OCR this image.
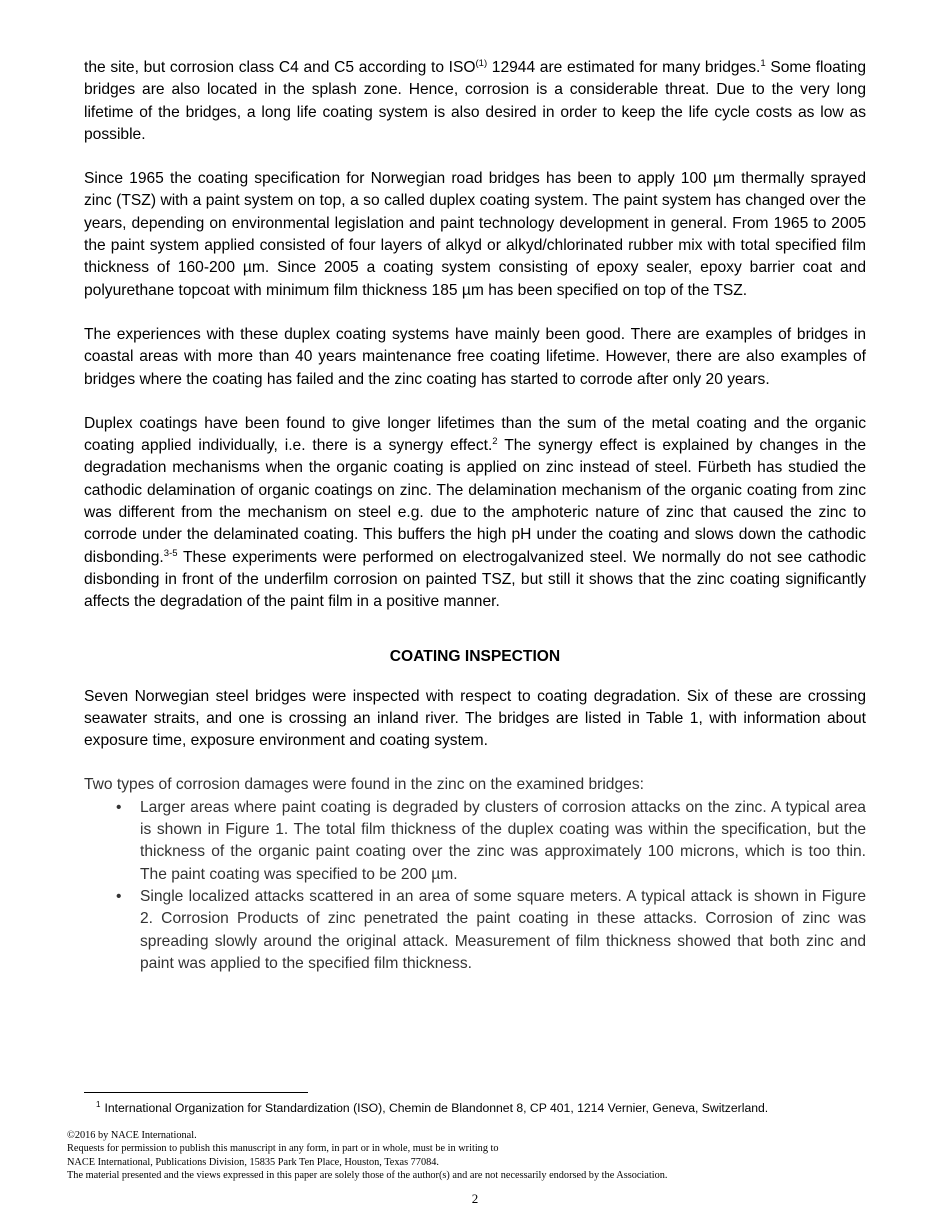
the site, but corrosion class C4 and C5 according to ISO$^{(1)}$ 12944 are estimated for many bridges.$^1$ Some floating bridges are also located in the splash zone. Hence, corrosion is a considerable threat. Due to the very long lifetime of the bridges, a long life coating system is also desired in order to keep the life cycle costs as low as possible.

Since 1965 the coating specification for Norwegian road bridges has been to apply 100 µm thermally sprayed zinc (TSZ) with a paint system on top, a so called duplex coating system. The paint system has changed over the years, depending on environmental legislation and paint technology development in general. From 1965 to 2005 the paint system applied consisted of four layers of alkyd or alkyd/chlorinated rubber mix with total specified film thickness of 160-200 µm. Since 2005 a coating system consisting of epoxy sealer, epoxy barrier coat and polyurethane topcoat with minimum film thickness 185 µm has been specified on top of the TSZ.

The experiences with these duplex coating systems have mainly been good. There are examples of bridges in coastal areas with more than 40 years maintenance free coating lifetime. However, there are also examples of bridges where the coating has failed and the zinc coating has started to corrode after only 20 years.

Duplex coatings have been found to give longer lifetimes than the sum of the metal coating and the organic coating applied individually, i.e. there is a synergy effect.$^2$ The synergy effect is explained by changes in the degradation mechanisms when the organic coating is applied on zinc instead of steel. Fürbeth has studied the cathodic delamination of organic coatings on zinc. The delamination mechanism of the organic coating from zinc was different from the mechanism on steel e.g. due to the amphoteric nature of zinc that caused the zinc to corrode under the delaminated coating. This buffers the high pH under the coating and slows down the cathodic disbonding.$^{3-5}$ These experiments were performed on electrogalvanized steel. We normally do not see cathodic disbonding in front of the underfilm corrosion on painted TSZ, but still it shows that the zinc coating significantly affects the degradation of the paint film in a positive manner.

COATING INSPECTION

Seven Norwegian steel bridges were inspected with respect to coating degradation. Six of these are crossing seawater straits, and one is crossing an inland river. The bridges are listed in Table 1, with information about exposure time, exposure environment and coating system.

Two types of corrosion damages were found in the zinc on the examined bridges:

• Larger areas where paint coating is degraded by clusters of corrosion attacks on the zinc. A typical area is shown in Figure 1. The total film thickness of the duplex coating was within the specification, but the thickness of the organic paint coating over the zinc was approximately 100 microns, which is too thin. The paint coating was specified to be 200 µm.
• Single localized attacks scattered in an area of some square meters. A typical attack is shown in Figure 2. Corrosion Products of zinc penetrated the paint coating in these attacks. Corrosion of zinc was spreading slowly around the original attack. Measurement of film thickness showed that both zinc and paint was applied to the specified film thickness.
$^1$ International Organization for Standardization (ISO), Chemin de Blandonnet 8, CP 401, 1214 Vernier, Geneva, Switzerland.
©2016 by NACE International.
Requests for permission to publish this manuscript in any form, in part or in whole, must be in writing to
NACE International, Publications Division, 15835 Park Ten Place, Houston, Texas 77084.
The material presented and the views expressed in this paper are solely those of the author(s) and are not necessarily endorsed by the Association.
2
